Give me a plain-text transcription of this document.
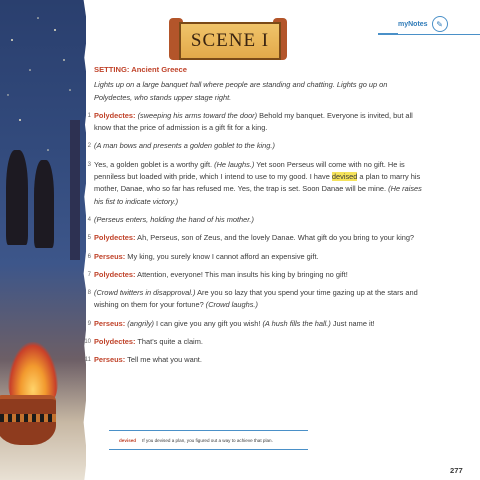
myNotes	✎
SCENE I
SETTING: Ancient Greece
Lights up on a large banquet hall where people are standing and chatting. Lights go up on Polydectes, who stands upper stage right.
1 Polydectes: (sweeping his arms toward the door) Behold my banquet. Everyone is invited, but all know that the price of admission is a gift fit for a king.
2 (A man bows and presents a golden goblet to the king.)
3 Yes, a golden goblet is a worthy gift. (He laughs.) Yet soon Perseus will come with no gift. He is penniless but loaded with pride, which I intend to use to my good. I have devised a plan to marry his mother, Danae, who so far has refused me. Yes, the trap is set. Soon Danae will be mine. (He raises his fist to indicate victory.)
4 (Perseus enters, holding the hand of his mother.)
5 Polydectes: Ah, Perseus, son of Zeus, and the lovely Danae. What gift do you bring to your king?
6 Perseus: My king, you surely know I cannot afford an expensive gift.
7 Polydectes: Attention, everyone! This man insults his king by bringing no gift!
8 (Crowd twitters in disapproval.) Are you so lazy that you spend your time gazing up at the stars and wishing on them for your fortune? (Crowd laughs.)
9 Perseus: (angrily) I can give you any gift you wish! (A hush fills the hall.) Just name it!
10 Polydectes: That's quite a claim.
11 Perseus: Tell me what you want.
devised If you devised a plan, you figured out a way to achieve that plan.
277
